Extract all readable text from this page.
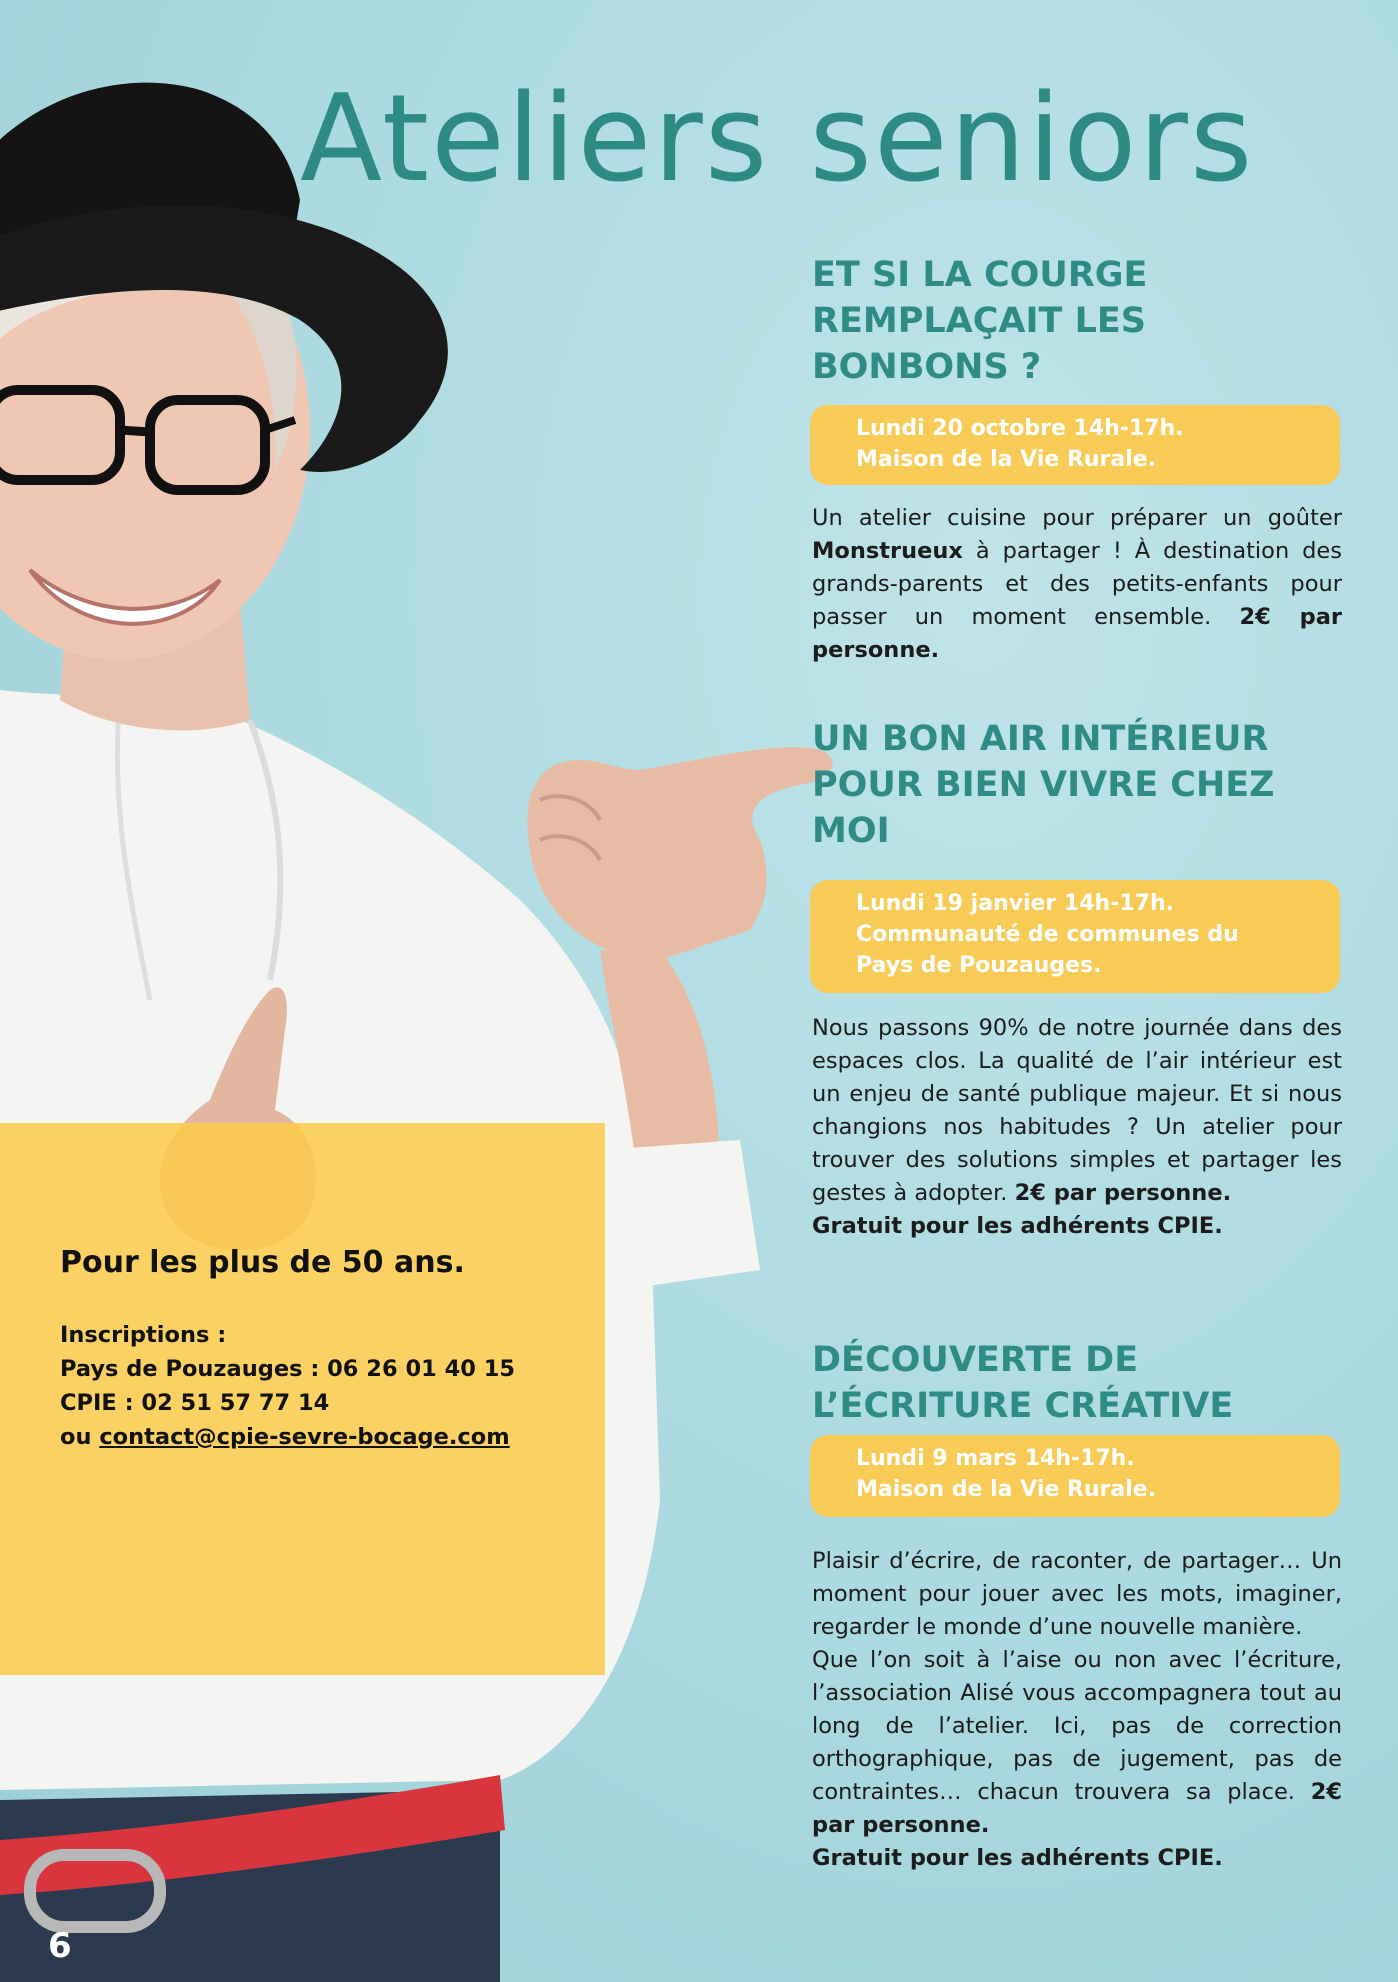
Ateliers seniors
ET SI LA COURGE REMPLAÇAIT LES BONBONS ?
Lundi 20 octobre 14h-17h.
Maison de la Vie Rurale.

Un atelier cuisine pour préparer un goûter Monstrueux à partager ! À destination des grands-parents et des petits-enfants pour passer un moment ensemble. 2€ par personne.

UN BON AIR INTÉRIEUR POUR BIEN VIVRE CHEZ MOI
Lundi 19 janvier 14h-17h.
Communauté de communes du Pays de Pouzauges.

Nous passons 90% de notre journée dans des espaces clos. La qualité de l’air intérieur est un enjeu de santé publique majeur. Et si nous changions nos habitudes ? Un atelier pour trouver des solutions simples et partager les gestes à adopter. 2€ par personne.
Gratuit pour les adhérents CPIE.

DÉCOUVERTE DE L’ÉCRITURE CRÉATIVE
Lundi 9 mars 14h-17h.
Maison de la Vie Rurale.

Plaisir d’écrire, de raconter, de partager… Un moment pour jouer avec les mots, imaginer, regarder le monde d’une nouvelle manière.
Que l’on soit à l’aise ou non avec l’écriture, l’association Alisé vous accompagnera tout au long de l’atelier. Ici, pas de correction orthographique, pas de jugement, pas de contraintes… chacun trouvera sa place. 2€ par personne.
Gratuit pour les adhérents CPIE.

Pour les plus de 50 ans.

Inscriptions :
Pays de Pouzauges : 06 26 01 40 15
CPIE : 02 51 57 77 14
ou contact@cpie-sevre-bocage.com
6
